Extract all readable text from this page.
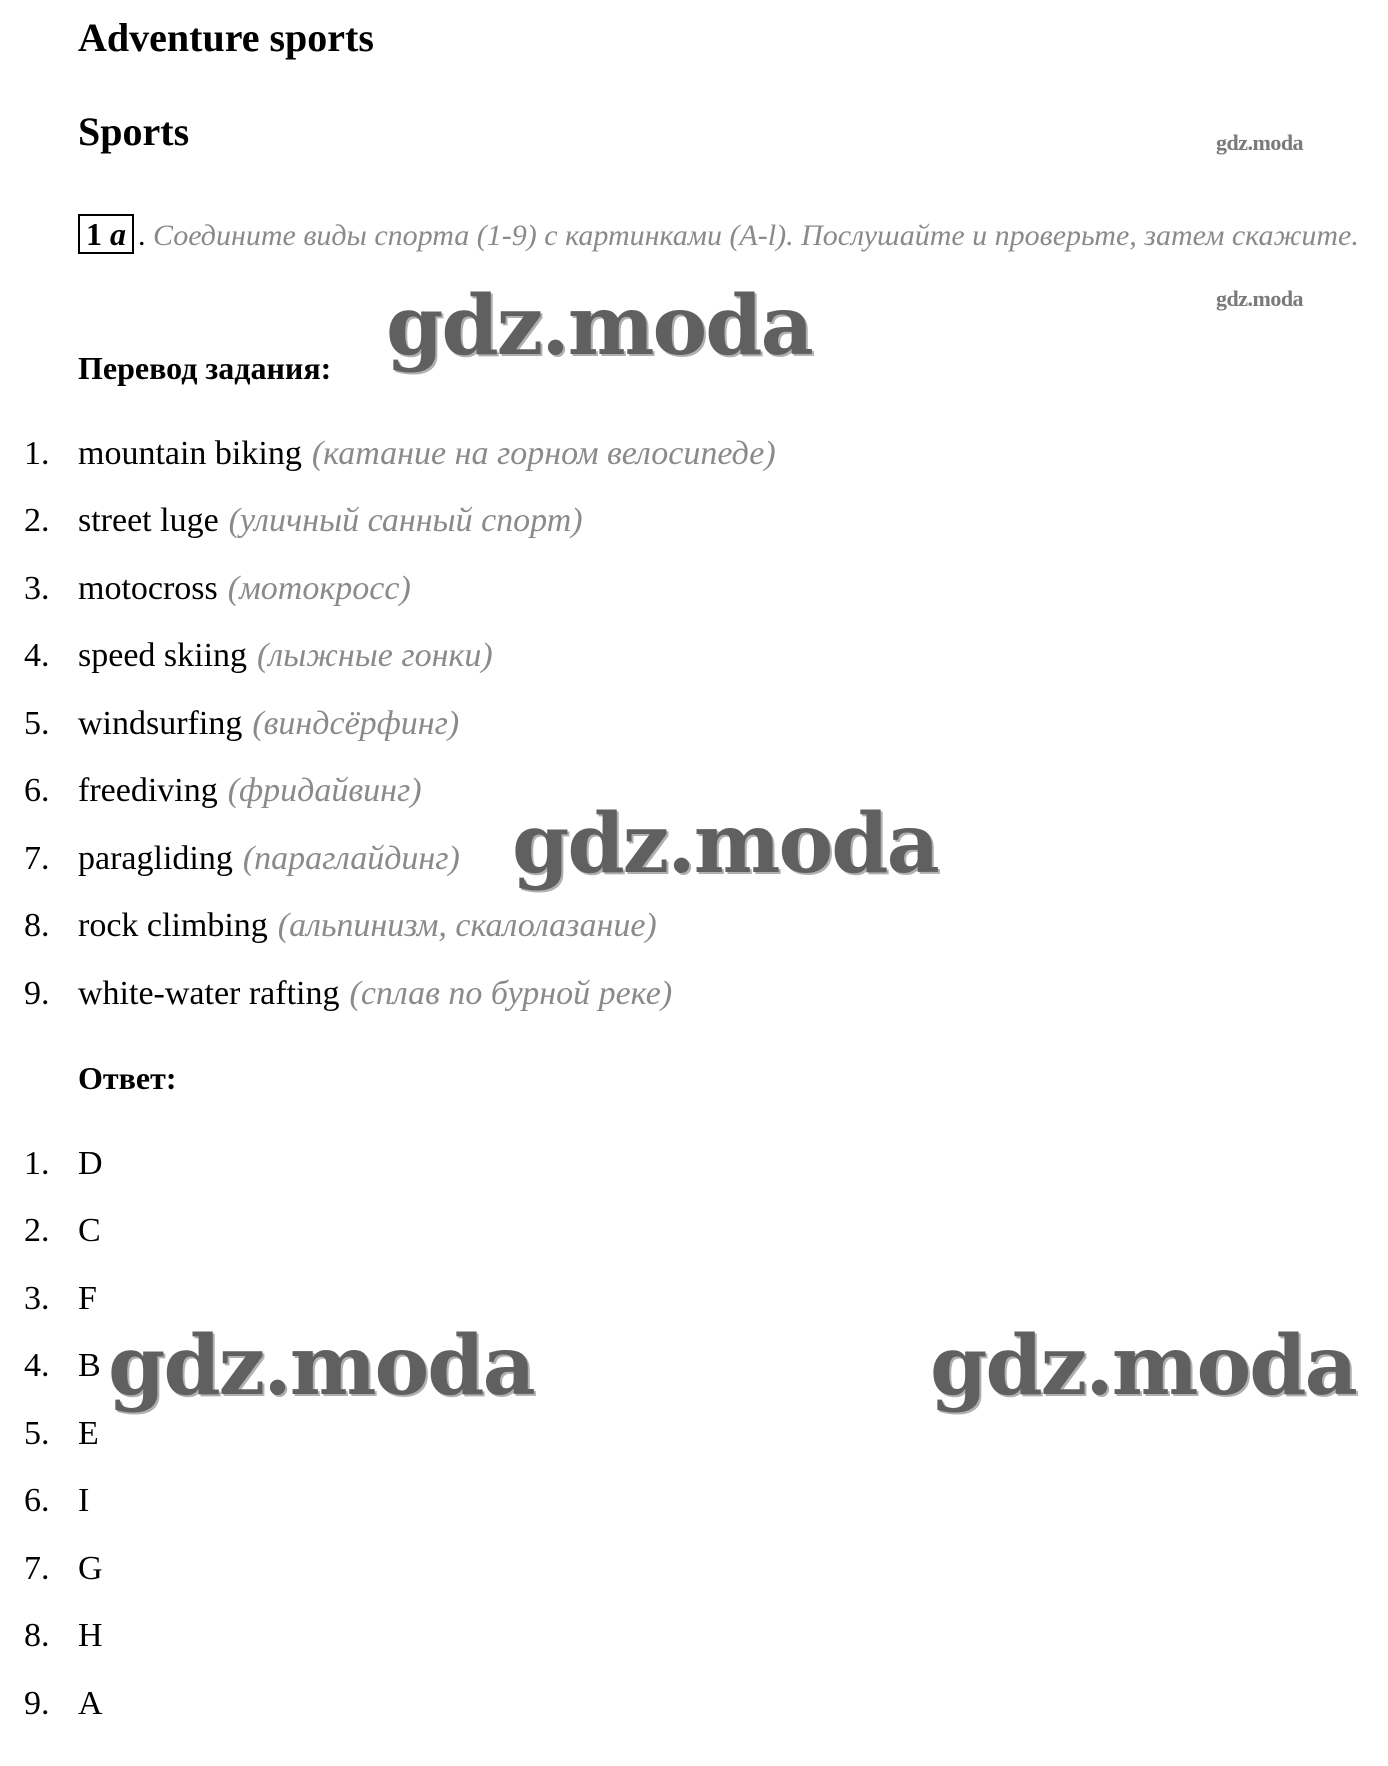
Adventure sports
Sports	gdz.moda
gdz.moda
1 a . Соедините виды спорта (1-9) с картинками (A-l). Послушайте и проверьте, затем скажите.
Перевод задания:
1. mountain biking (катание на горном велосипеде)
2. street luge (уличный санный спорт)
3. motocross (мотокросс)
4. speed skiing (лыжные гонки)
5. windsurfing (виндсёрфинг)
6. freediving (фридайвинг)
7. paragliding (параглайдинг)
8. rock climbing (альпинизм, скалолазание)
9. white-water rafting (сплав по бурной реке)
Ответ:
1. D
2. C
3. F
4. B
5. E
6. I
7. G
8. H
9. A
gdz.moda
gdz.moda
gdz.moda	gdz.moda
